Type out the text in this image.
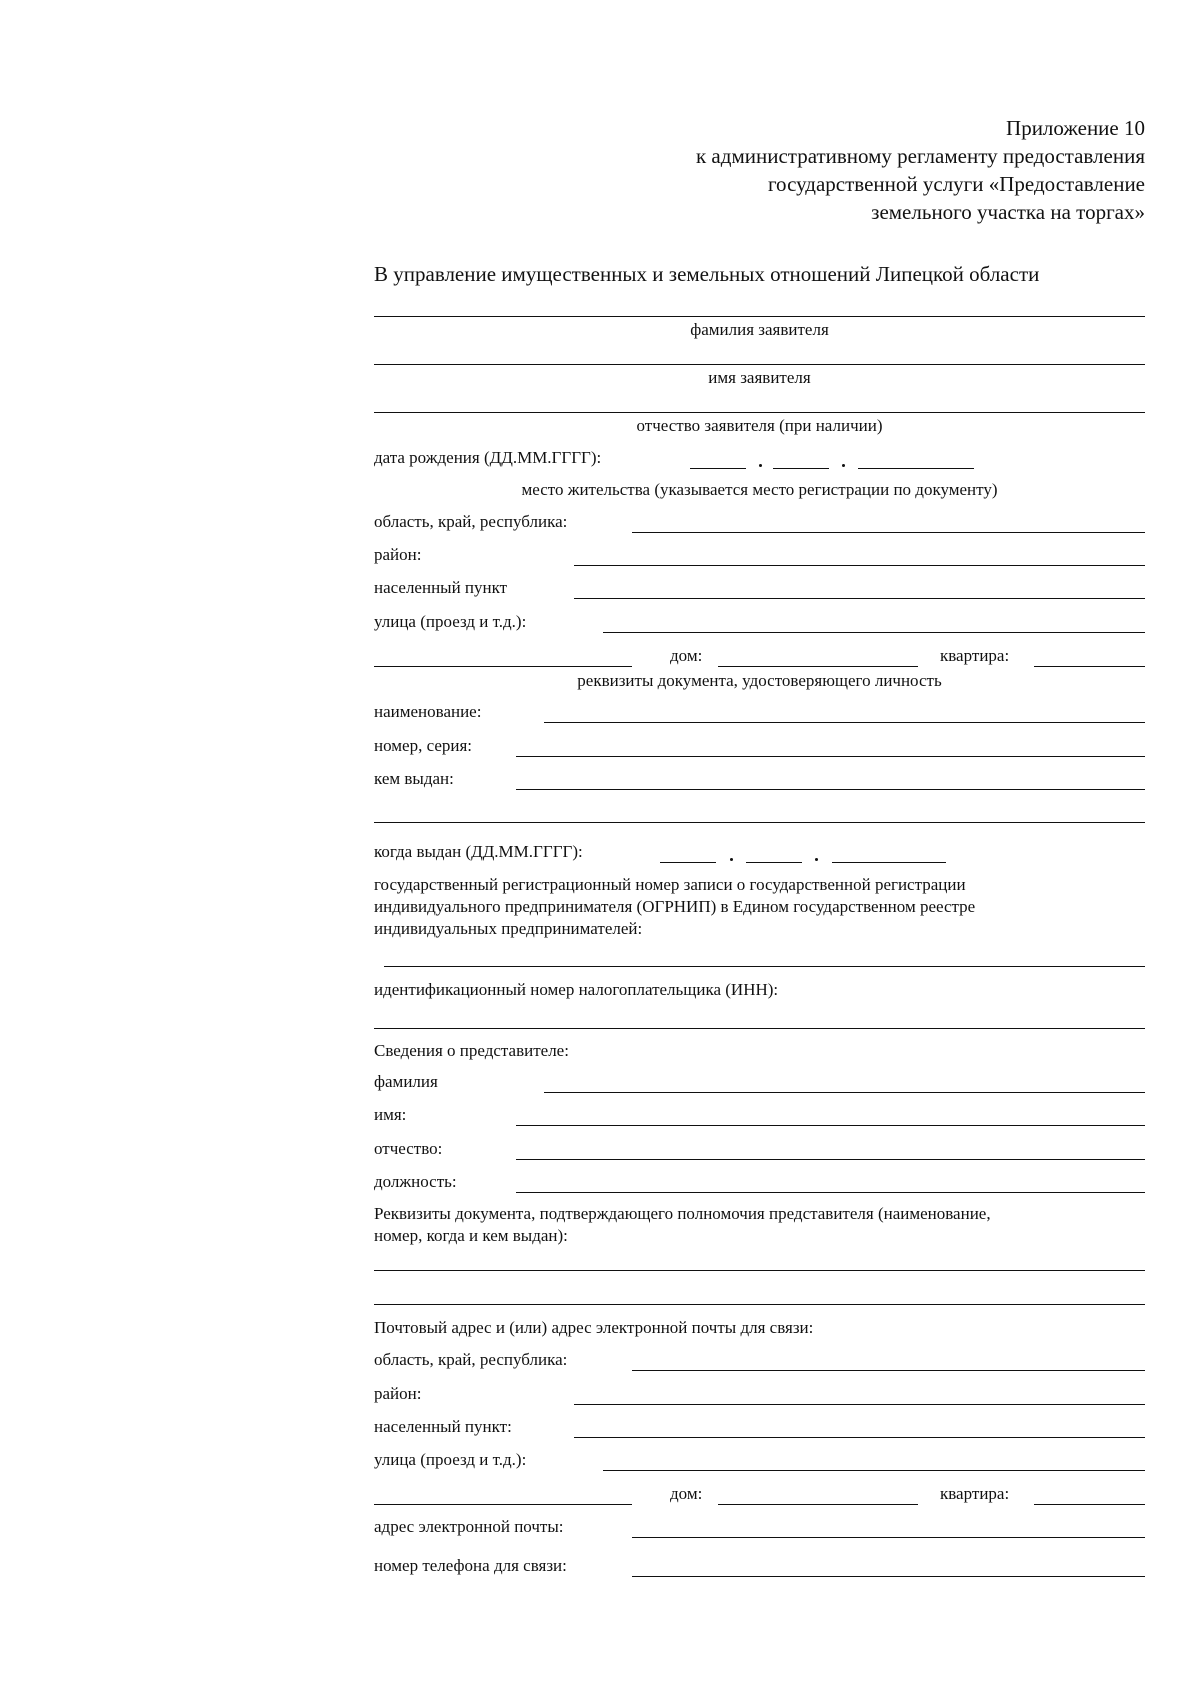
Приложение 10
к административному регламенту предоставления
государственной услуги «Предоставление
земельного участка на торгах»
В управление имущественных и земельных отношений Липецкой области
фамилия заявителя
имя заявителя
отчество заявителя (при наличии)
дата рождения (ДД.ММ.ГГГГ):
место жительства (указывается место регистрации по документу)
область, край, республика:
район:
населенный пункт
улица (проезд и т.д.):
дом:	квартира:
реквизиты документа, удостоверяющего личность
наименование:
номер, серия:
кем выдан:
когда выдан (ДД.ММ.ГГГГ):
государственный регистрационный номер записи о государственной регистрации
индивидуального предпринимателя (ОГРНИП) в Едином государственном реестре
индивидуальных предпринимателей:
идентификационный номер налогоплательщика (ИНН):
Сведения о представителе:
фамилия
имя:
отчество:
должность:
Реквизиты документа, подтверждающего полномочия представителя (наименование,
номер, когда и кем выдан):
Почтовый адрес и (или) адрес электронной почты для связи:
область, край, республика:
район:
населенный пункт:
улица (проезд и т.д.):
дом:	квартира:
адрес электронной почты:
номер телефона для связи:
